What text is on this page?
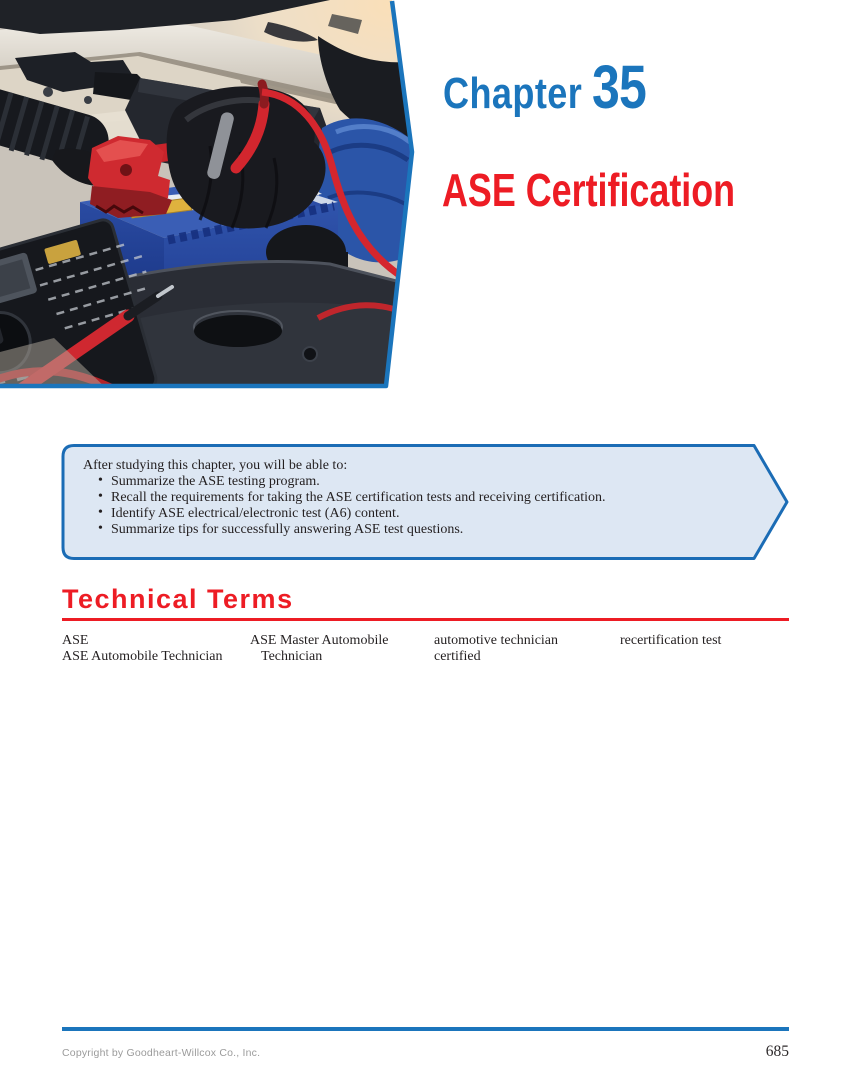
Chapter 35
ASE Certification
After studying this chapter, you will be able to:
• Summarize the ASE testing program.
• Recall the requirements for taking the ASE certification tests and receiving certification.
• Identify ASE electrical/electronic test (A6) content.
• Summarize tips for successfully answering ASE test questions.
Technical Terms
ASE
ASE Automobile Technician
ASE Master Automobile
Technician
automotive technician
certified
recertification test
Copyright by Goodheart-Willcox Co., Inc.	685
